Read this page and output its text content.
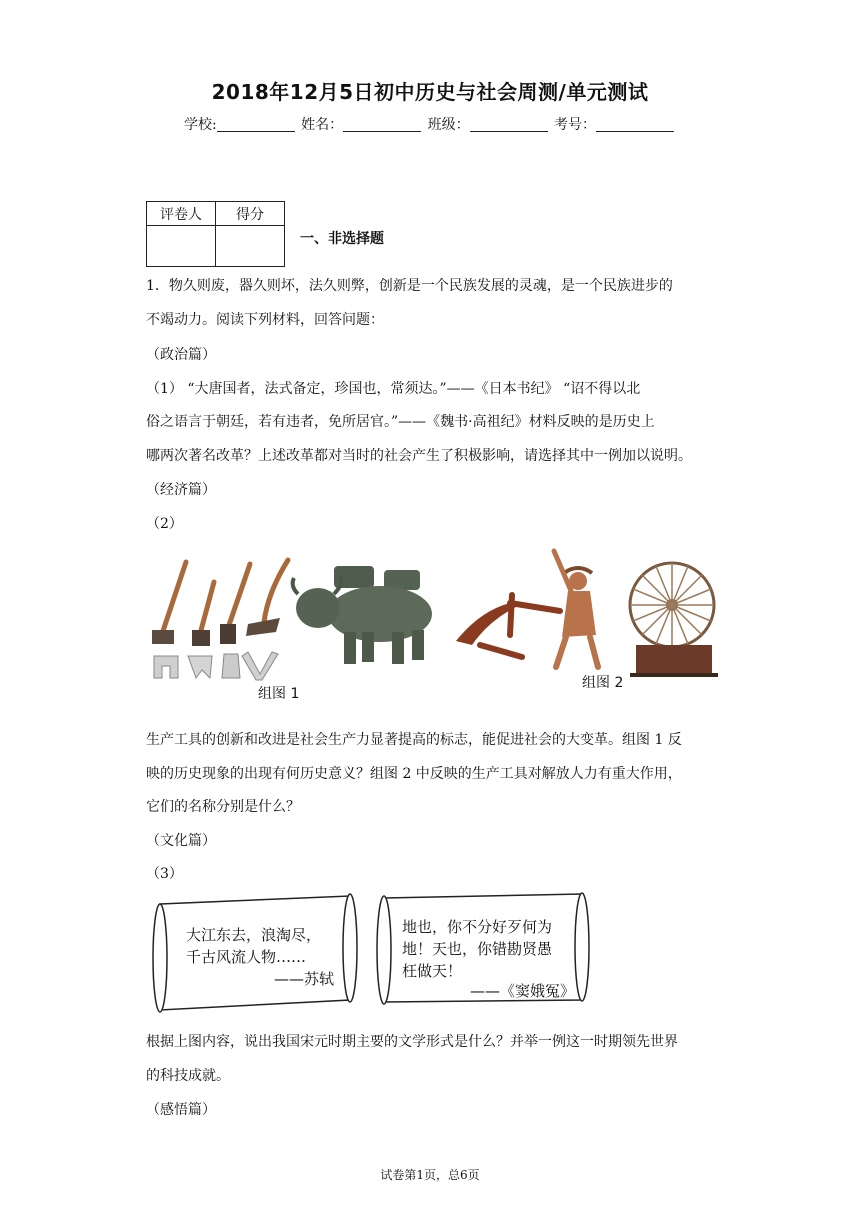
2018年12月5日初中历史与社会周测/单元测试
学校:	姓名：	班级：	考号：
评卷人	得分

一、非选择题
1．物久则废，器久则坏，法久则弊，创新是一个民族发展的灵魂，是一个民族进步的
不竭动力。阅读下列材料，回答问题：
（政治篇）
（1） “大唐国者，法式备定，珍国也，常须达。”——《日本书纪》 “诏不得以北
俗之语言于朝廷，若有违者，免所居官。”——《魏书·高祖纪》材料反映的是历史上
哪两次著名改革？上述改革都对当时的社会产生了积极影响，请选择其中一例加以说明。
（经济篇）
（2）
组图 1
组图 2
生产工具的创新和改进是社会生产力显著提高的标志，能促进社会的大变革。组图 1 反
映的历史现象的出现有何历史意义？组图 2 中反映的生产工具对解放人力有重大作用，
它们的名称分别是什么？
（文化篇）
（3）
大江东去，浪淘尽，
千古风流人物……
——苏轼
地也，你不分好歹何为
地！天也，你错勘贤愚
枉做天！
——《窦娥冤》
根据上图内容，说出我国宋元时期主要的文学形式是什么？并举一例这一时期领先世界
的科技成就。
（感悟篇）
试卷第1页，总6页
